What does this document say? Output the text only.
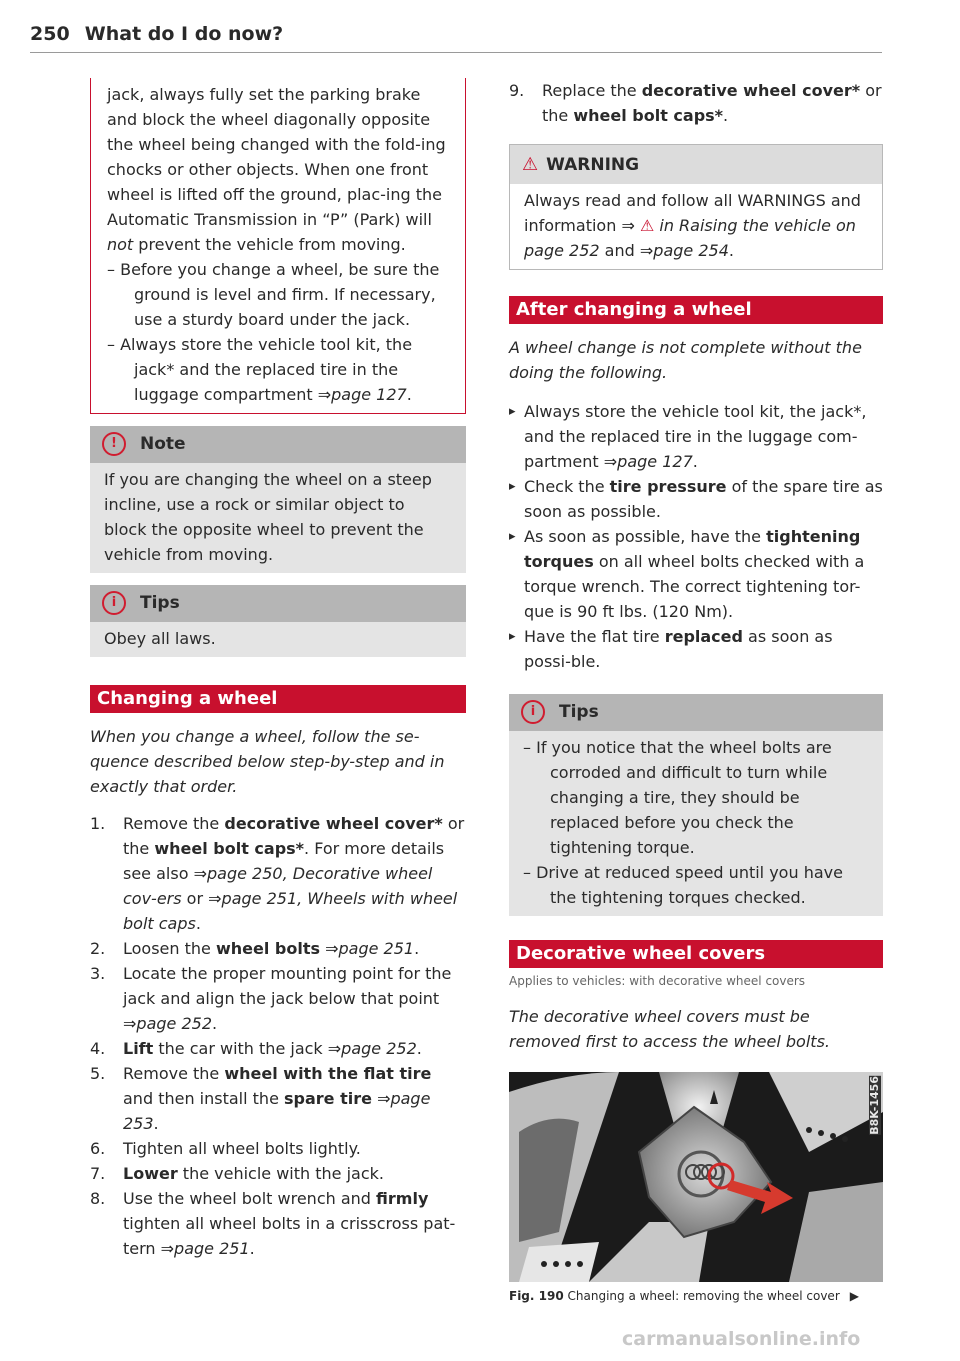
250 What do I do now?

jack, always fully set the parking brake and block the wheel diagonally opposite the wheel being changed with the fold-ing chocks or other objects. When one front wheel is lifted off the ground, plac-ing the Automatic Transmission in “P” (Park) will not prevent the vehicle from moving.

– Before you change a wheel, be sure the ground is level and firm. If necessary, use a sturdy board under the jack.

– Always store the vehicle tool kit, the jack* and the replaced tire in the luggage compartment ⇒page 127.

! Note
If you are changing the wheel on a steep incline, use a rock or similar object to block the opposite wheel to prevent the vehicle from moving.
i Tips
Obey all laws.
Changing a wheel

When you change a wheel, follow the se-quence described below step-by-step and in exactly that order.

1. Remove the decorative wheel cover* or the wheel bolt caps*. For more details see also ⇒page 250, Decorative wheel cov-ers or ⇒page 251, Wheels with wheel bolt caps.
2. Loosen the wheel bolts ⇒page 251.
3. Locate the proper mounting point for the jack and align the jack below that point ⇒page 252.
4. Lift the car with the jack ⇒page 252.
5. Remove the wheel with the flat tire and then install the spare tire ⇒page 253.
6. Tighten all wheel bolts lightly.
7. Lower the vehicle with the jack.
8. Use the wheel bolt wrench and firmly tighten all wheel bolts in a crisscross pat-tern ⇒page 251.
9. Replace the decorative wheel cover* or the wheel bolt caps*.
⚠ WARNING
Always read and follow all WARNINGS and information ⇒ ⚠ in Raising the vehicle on page 252 and ⇒page 254.
After changing a wheel

A wheel change is not complete without the doing the following.

▸ Always store the vehicle tool kit, the jack*, and the replaced tire in the luggage com-partment ⇒page 127.
▸ Check the tire pressure of the spare tire as soon as possible.
▸ As soon as possible, have the tightening torques on all wheel bolts checked with a torque wrench. The correct tightening tor-que is 90 ft lbs. (120 Nm).
▸ Have the flat tire replaced as soon as possi-ble.
i Tips

– If you notice that the wheel bolts are corroded and difficult to turn while changing a tire, they should be replaced before you check the tightening torque.

– Drive at reduced speed until you have the tightening torques checked.

Decorative wheel covers

Applies to vehicles: with decorative wheel covers

The decorative wheel covers must be removed first to access the wheel bolts.

B8K-1456
Fig. 190 Changing a wheel: removing the wheel cover ▶
carmanualsonline.info
